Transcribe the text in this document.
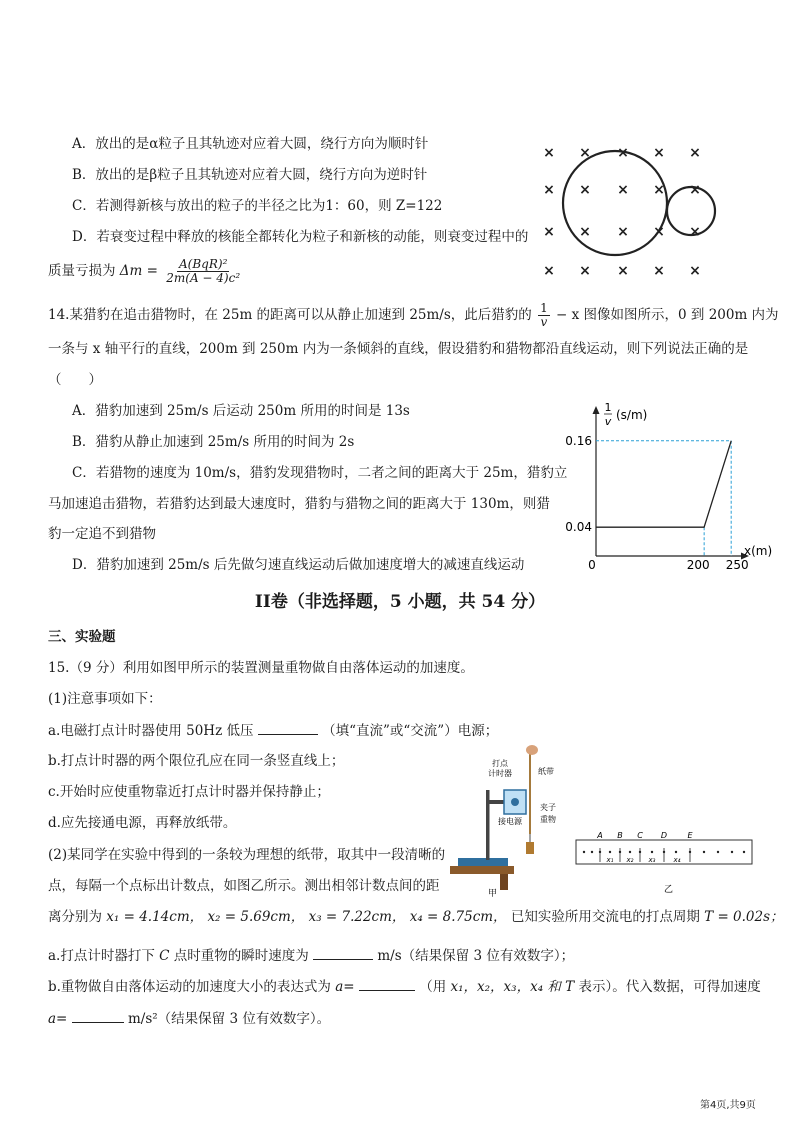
A．放出的是α粒子且其轨迹对应着大圆，绕行方向为顺时针
B．放出的是β粒子且其轨迹对应着大圆，绕行方向为逆时针
C．若测得新核与放出的粒子的半径之比为1：60，则 Z=122
D．若衰变过程中释放的核能全都转化为粒子和新核的动能，则衰变过程中的
质量亏损为 $\Delta m = \frac{\text{A(BqR)²}}{\text{2m(A − 4)c²}}$
× × × × ×
× × × × ×
× × × × ×
× × × × ×
14.某猎豹在追击猎物时，在 25m 的距离可以从静止加速到 25m/s，此后猎豹的 $\frac{1}{v} - x$ 图像如图所示，0 到 200m 内为
一条与 x 轴平行的直线，200m 到 250m 内为一条倾斜的直线，假设猎豹和猎物都沿直线运动，则下列说法正确的是
（　　）
A．猎豹加速到 25m/s 后运动 250m 所用的时间是 13s
B．猎豹从静止加速到 25m/s 所用的时间为 2s
C．若猎物的速度为 10m/s，猎豹发现猎物时，二者之间的距离大于 25m，猎豹立
马加速追击猎物，若猎豹达到最大速度时，猎豹与猎物之间的距离大于 130m，则猎
豹一定追不到猎物
D．猎豹加速到 25m/s 后先做匀速直线运动后做加速度增大的减速直线运动
1
v (s/m)
x(m)
0
0.04
0.16
200 250
II卷（非选择题，5 小题，共 54 分）
三、实验题
15.（9 分）利用如图甲所示的装置测量重物做自由落体运动的加速度。
(1)注意事项如下：
a.电磁打点计时器使用 50Hz 低压	（填“直流”或“交流”）电源；
b.打点计时器的两个限位孔应在同一条竖直线上；
c.开始时应使重物靠近打点计时器并保持静止；
d.应先接通电源，再释放纸带。
(2)某同学在实验中得到的一条较为理想的纸带，取其中一段清晰的
点，每隔一个点标出计数点，如图乙所示。测出相邻计数点间的距
离分别为 x₁ = 4.14cm， x₂ = 5.69cm， x₃ = 7.22cm， x₄ = 8.75cm， 已知实验所用交流电的打点周期 T = 0.02s；
a.打点计时器打下 C 点时重物的瞬时速度为	m/s（结果保留 3 位有效数字）；
b.重物做自由落体运动的加速度大小的表达式为 a=	（用 x₁，x₂，x₃，x₄ 和 T 表示）。代入数据，可得加速度
a=	m/s²（结果保留 3 位有效数字）。
打点
计时器	纸带
夹子
接电源 重物
甲
A B C D	E
x₁ x₂ x₃	x₄
乙
第4页,共9页
